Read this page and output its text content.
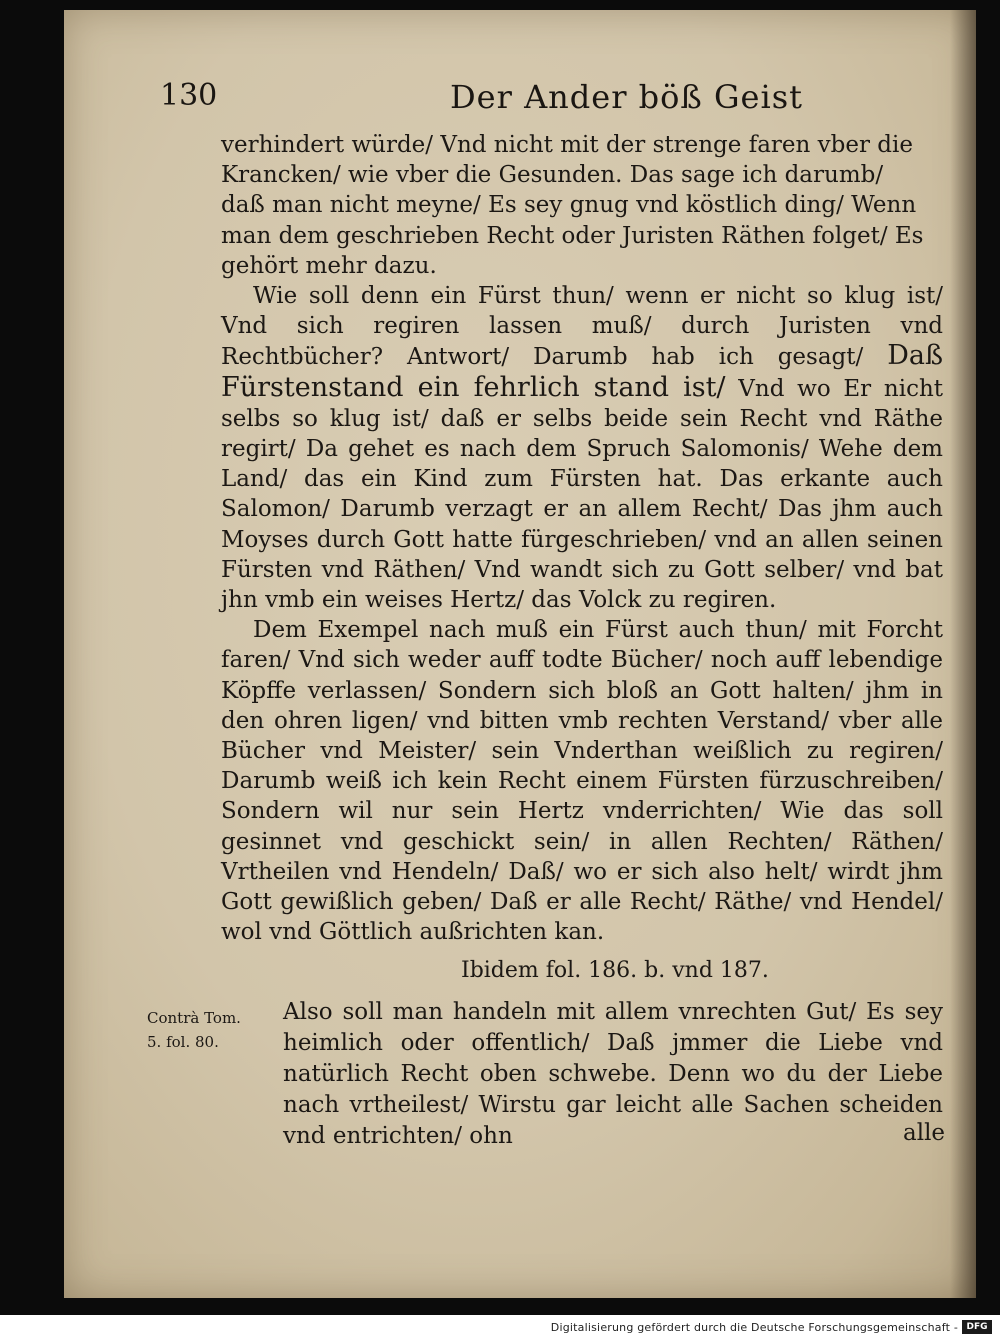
130	Der Ander böß Geist

verhindert würde/ Vnd nicht mit der strenge faren vber die

Krancken/ wie vber die Gesunden. Das sage ich darumb/

daß man nicht meyne/ Es sey gnug vnd köstlich ding/ Wenn

man dem geschrieben Recht oder Juristen Räthen folget/ Es

gehört mehr dazu.

Wie soll denn ein Fürst thun/ wenn er nicht so klug ist/ Vnd sich regiren lassen muß/ durch Juristen vnd Rechtbücher? Antwort/ Darumb hab ich gesagt/ Daß Fürstenstand ein fehrlich stand ist/ Vnd wo Er nicht selbs so klug ist/ daß er selbs beide sein Recht vnd Räthe regirt/ Da gehet es nach dem Spruch Salomonis/ Wehe dem Land/ das ein Kind zum Fürsten hat. Das erkante auch Salomon/ Darumb verzagt er an allem Recht/ Das jhm auch Moyses durch Gott hatte fürgeschrieben/ vnd an allen seinen Fürsten vnd Räthen/ Vnd wandt sich zu Gott selber/ vnd bat jhn vmb ein weises Hertz/ das Volck zu regiren.

Dem Exempel nach muß ein Fürst auch thun/ mit Forcht faren/ Vnd sich weder auff todte Bücher/ noch auff lebendige Köpffe verlassen/ Sondern sich bloß an Gott halten/ jhm in den ohren ligen/ vnd bitten vmb rechten Verstand/ vber alle Bücher vnd Meister/ sein Vnderthan weißlich zu regiren/ Darumb weiß ich kein Recht einem Fürsten fürzuschreiben/ Sondern wil nur sein Hertz vnderrichten/ Wie das soll gesinnet vnd geschickt sein/ in allen Rechten/ Räthen/ Vrtheilen vnd Hendeln/ Daß/ wo er sich also helt/ wirdt jhm Gott gewißlich geben/ Daß er alle Recht/ Räthe/ vnd Hendel/ wol vnd Göttlich außrichten kan.

Ibidem fol. 186. b. vnd 187.
Contrà Tom.
5. fol. 80.
Also soll man handeln mit allem vnrechten Gut/ Es sey heimlich oder offentlich/ Daß jmmer die Liebe vnd natürlich Recht oben schwebe. Denn wo du der Liebe nach vrtheilest/ Wirstu gar leicht alle Sachen scheiden vnd entrichten/ ohn	alle
Digitalisierung gefördert durch die Deutsche Forschungsgemeinschaft - DFG
